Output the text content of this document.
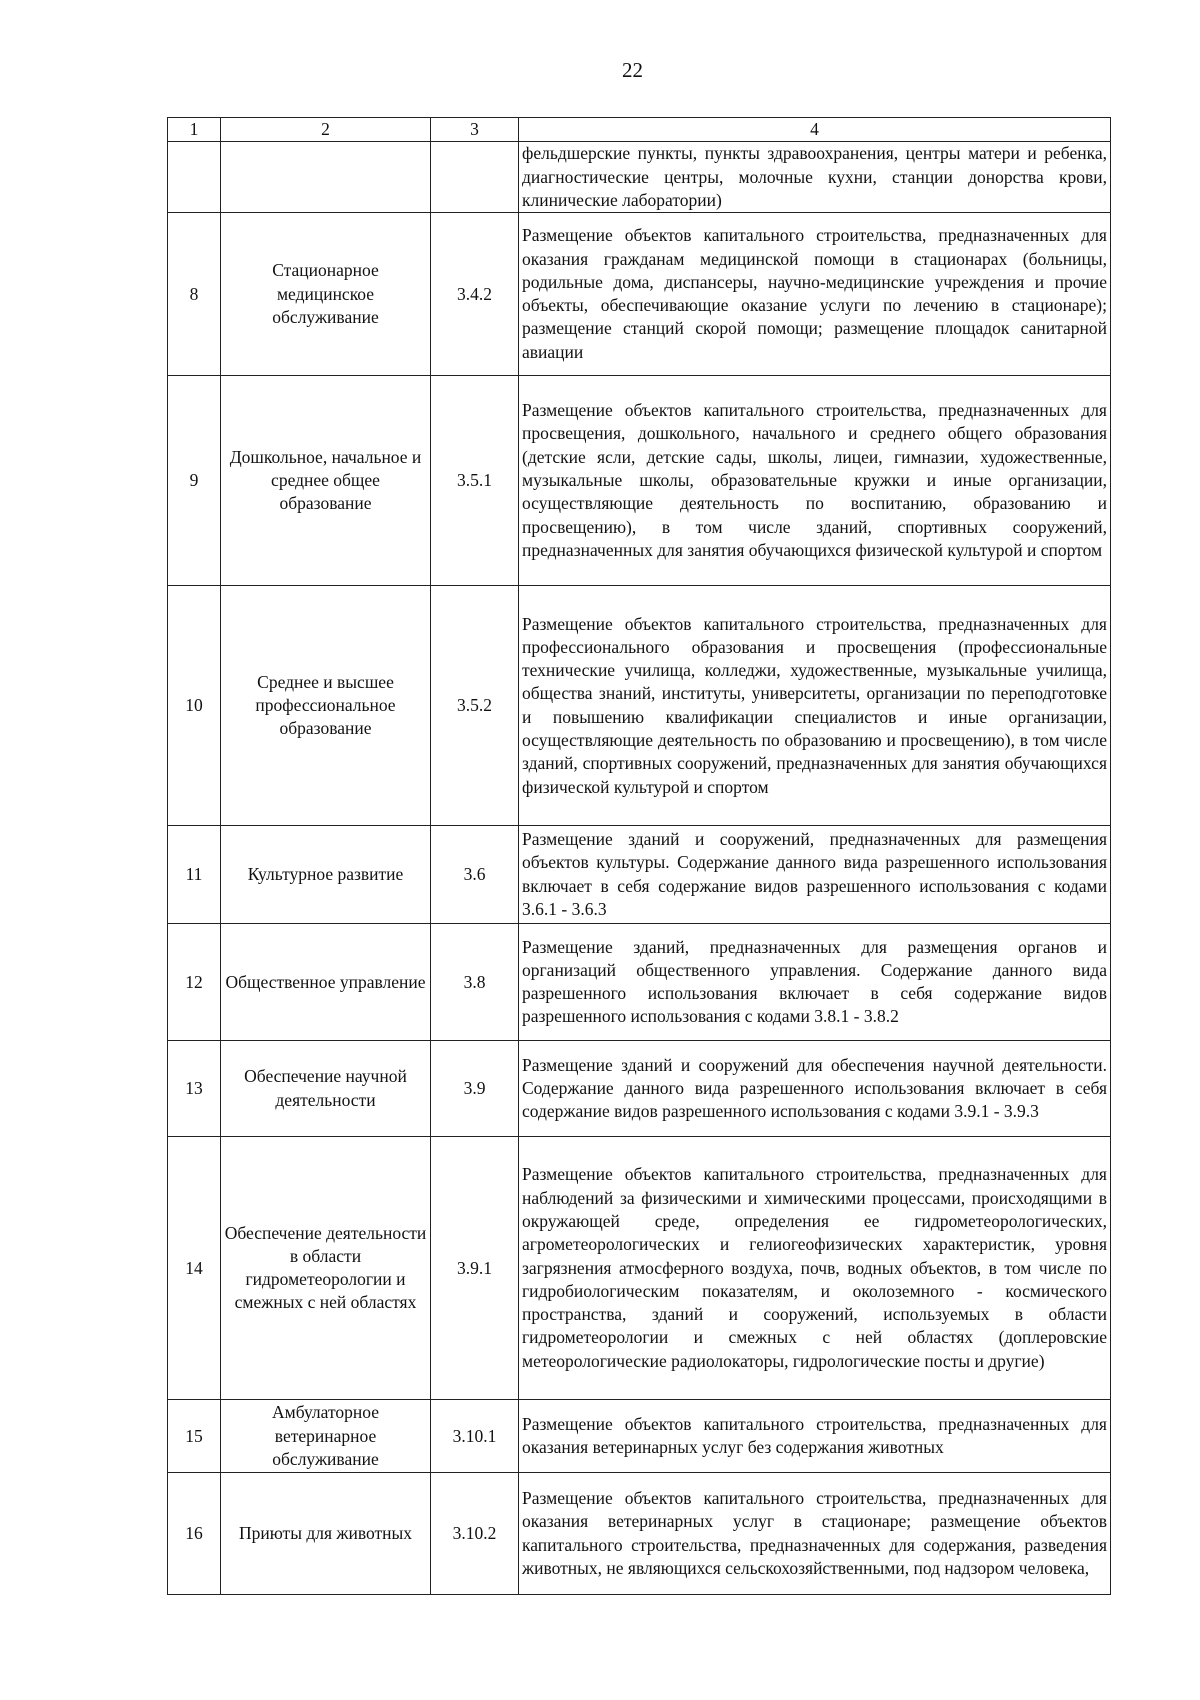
22
1	2	3	4
			фельдшерские пункты, пункты здравоохранения, центры матери и ребенка, диагностические центры, молочные кухни, станции донорства крови, клинические лаборатории)
8	Стационарное медицинское обслуживание	3.4.2	Размещение объектов капитального строительства, предназначенных для оказания гражданам медицинской помощи в стационарах (больницы, родильные дома, диспансеры, научно-медицинские учреждения и прочие объекты, обеспечивающие оказание услуги по лечению в стационаре); размещение станций скорой помощи; размещение площадок санитарной авиации
9	Дошкольное, начальное и среднее общее образование	3.5.1	Размещение объектов капитального строительства, предназначенных для просвещения, дошкольного, начального и среднего общего образования (детские ясли, детские сады, школы, лицеи, гимназии, художественные, музыкальные школы, образовательные кружки и иные организации, осуществляющие деятельность по воспитанию, образованию и просвещению), в том числе зданий, спортивных сооружений, предназначенных для занятия обучающихся физической культурой и спортом
10	Среднее и высшее профессиональное образование	3.5.2	Размещение объектов капитального строительства, предназначенных для профессионального образования и просвещения (профессиональные технические училища, колледжи, художественные, музыкальные училища, общества знаний, институты, университеты, организации по переподготовке и повышению квалификации специалистов и иные организации, осуществляющие деятельность по образованию и просвещению), в том числе зданий, спортивных сооружений, предназначенных для занятия обучающихся физической культурой и спортом
11	Культурное развитие	3.6	Размещение зданий и сооружений, предназначенных для размещения объектов культуры. Содержание данного вида разрешенного использования включает в себя содержание видов разрешенного использования с кодами 3.6.1 - 3.6.3
12	Общественное управление	3.8	Размещение зданий, предназначенных для размещения органов и организаций общественного управления. Содержание данного вида разрешенного использования включает в себя содержание видов разрешенного использования с кодами 3.8.1 - 3.8.2
13	Обеспечение научной деятельности	3.9	Размещение зданий и сооружений для обеспечения научной деятельности. Содержание данного вида разрешенного использования включает в себя содержание видов разрешенного использования с кодами 3.9.1 - 3.9.3
14	Обеспечение деятельности в области гидрометеорологии и смежных с ней областях	3.9.1	Размещение объектов капитального строительства, предназначенных для наблюдений за физическими и химическими процессами, происходящими в окружающей среде, определения ее гидрометеорологических, агрометеорологических и гелиогеофизических характеристик, уровня загрязнения атмосферного воздуха, почв, водных объектов, в том числе по гидробиологическим показателям, и околоземного - космического пространства, зданий и сооружений, используемых в области гидрометеорологии и смежных с ней областях (доплеровские метеорологические радиолокаторы, гидрологические посты и другие)
15	Амбулаторное ветеринарное обслуживание	3.10.1	Размещение объектов капитального строительства, предназначенных для оказания ветеринарных услуг без содержания животных
16	Приюты для животных	3.10.2	Размещение объектов капитального строительства, предназначенных для оказания ветеринарных услуг в стационаре; размещение объектов капитального строительства, предназначенных для содержания, разведения животных, не являющихся сельскохозяйственными, под надзором человека,
